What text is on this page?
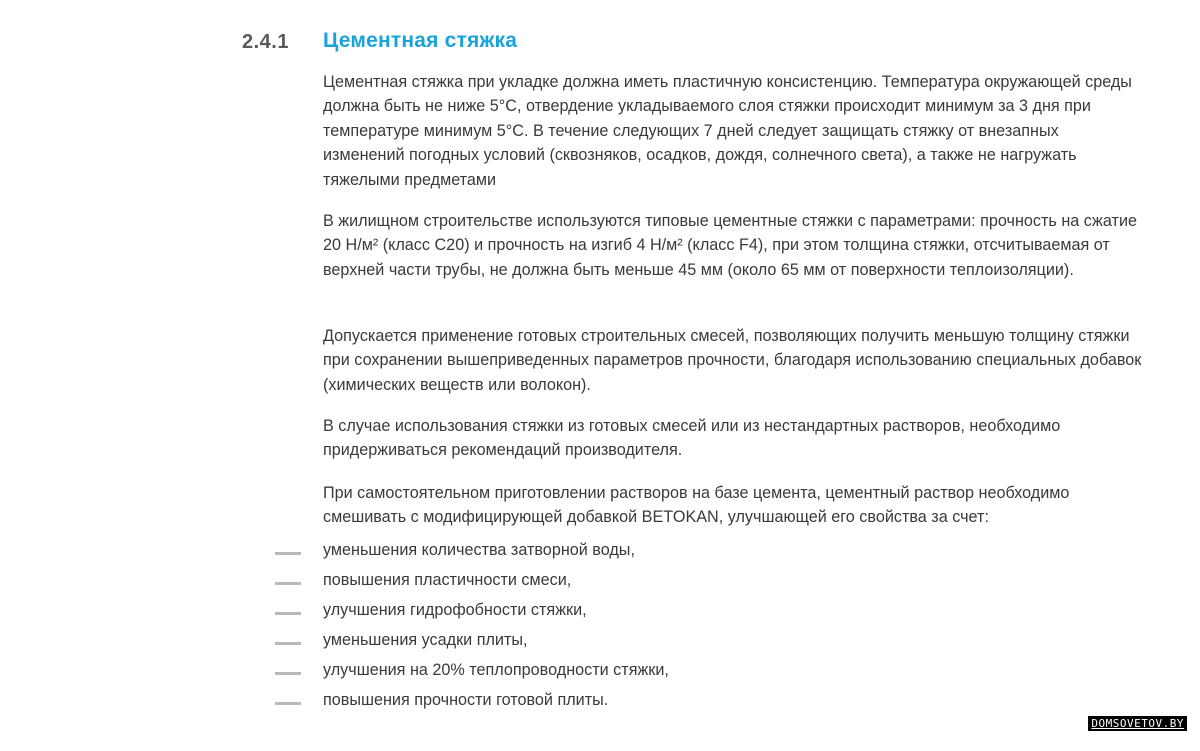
2.4.1 Цементная стяжка

Цементная стяжка при укладке должна иметь пластичную консистенцию. Температура окружающей среды должна быть не ниже 5°С, отвердение укладываемого слоя стяжки происходит минимум за 3 дня при температуре минимум 5°С. В течение следующих 7 дней следует защищать стяжку от внезапных изменений погодных условий (сквозняков, осадков, дождя, солнечного света), а также не нагружать тяжелыми предметами

В жилищном строительстве используются типовые цементные стяжки с параметрами: прочность на сжатие 20 Н/м² (класс С20) и прочность на изгиб 4 Н/м² (класс F4), при этом толщина стяжки, отсчитываемая от верхней части трубы, не должна быть меньше 45 мм (около 65 мм от поверхности теплоизоляции).

Допускается применение готовых строительных смесей, позволяющих получить меньшую толщину стяжки при сохранении вышеприведенных параметров прочности, благодаря использованию специальных добавок (химических веществ или волокон).

В случае использования стяжки из готовых смесей или из нестандартных растворов, необходимо придерживаться рекомендаций производителя.

При самостоятельном приготовлении растворов на базе цемента, цементный раствор необходимо смешивать с модифицирующей добавкой BETOKAN, улучшающей его свойства за счет:

уменьшения количества затворной воды,
повышения пластичности смеси,
улучшения гидрофобности стяжки,
уменьшения усадки плиты,
улучшения на 20% теплопроводности стяжки,
повышения прочности готовой плиты.
DOMSOVETOV.BY
